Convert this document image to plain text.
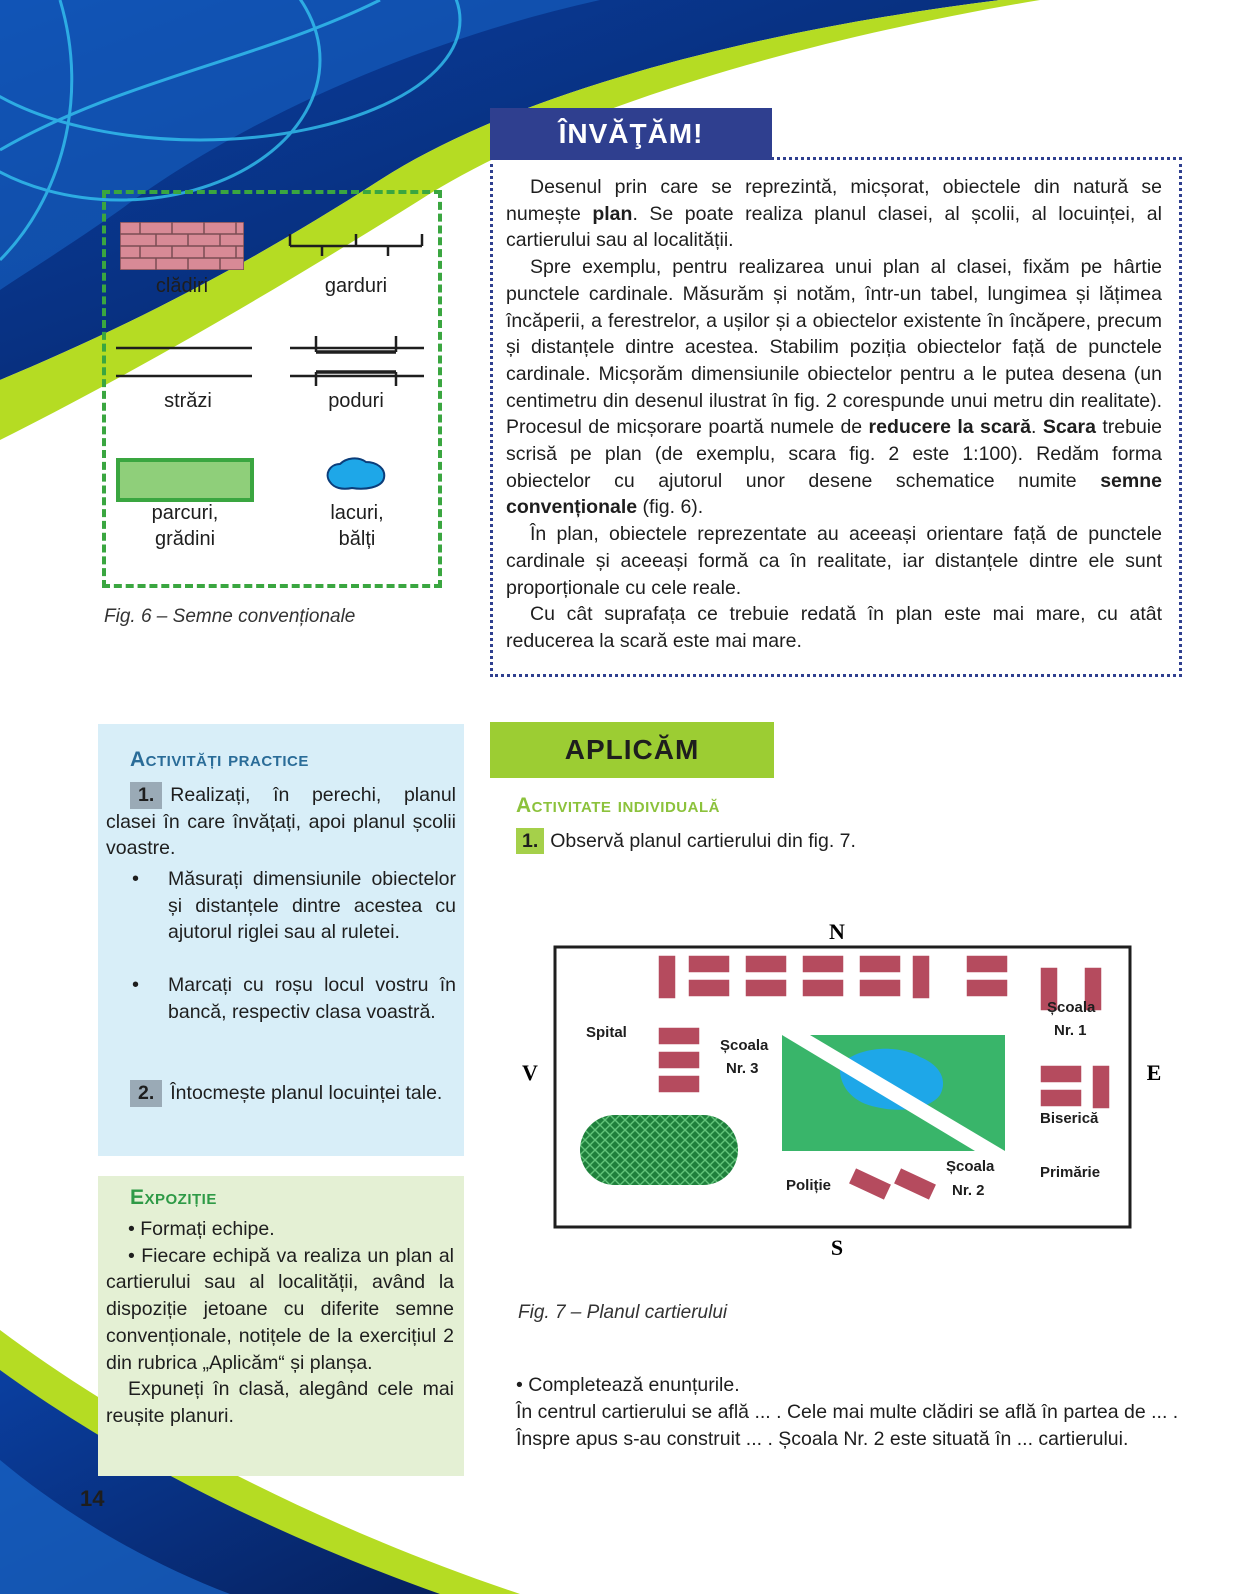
ÎNVĂŢĂM!

Desenul prin care se reprezintă, micșorat, obiectele din natură se numește plan. Se poate realiza planul clasei, al școlii, al locuinței, al cartierului sau al localității.

Spre exemplu, pentru realizarea unui plan al clasei, fixăm pe hârtie punctele cardinale. Măsurăm și notăm, într-un tabel, lungimea și lățimea încăperii, a ferestrelor, a ușilor și a obiectelor existente în încăpere, precum și distanțele dintre acestea. Stabilim poziția obiectelor față de punctele cardinale. Micșorăm dimensiunile obiectelor pentru a le putea desena (un centimetru din desenul ilustrat în fig. 2 corespunde unui metru din realitate). Procesul de micșorare poartă numele de reducere la scară. Scara trebuie scrisă pe plan (de exemplu, scara fig. 2 este 1:100). Redăm forma obiectelor cu ajutorul unor desene schematice numite semne convenționale (fig. 6).

În plan, obiectele reprezentate au aceeași orientare față de punctele cardinale și aceeași formă ca în realitate, iar distanțele dintre ele sunt proporționale cu cele reale.

Cu cât suprafața ce trebuie redată în plan este mai mare, cu atât reducerea la scară este mai mare.

clădiri	garduri
străzi	poduri
parcuri,
grădini
lacuri,
bălți
Fig. 6 – Semne convenționale
Activități practice
1. Realizați, în perechi, planul clasei în care învățați, apoi planul școlii voastre.
• Măsurați dimensiunile obiectelor și distanțele dintre acestea cu ajutorul riglei sau al ruletei.
• Marcați cu roșu locul vostru în bancă, respectiv clasa voastră.
2. Întocmește planul locuinței tale.
Expoziție

• Formați echipe.

• Fiecare echipă va realiza un plan al cartierului sau al localității, având la dispoziție jetoane cu diferite semne convenționale, notițele de la exercițiul 2 din rubrica „Aplicăm“ și planșa.

Expuneți în clasă, alegând cele mai reușite planuri.

APLICĂM
Activitate individuală
1. Observă planul cartierului din fig. 7.
N
S
V	E
Spital
Școala
Nr. 3
Școala
Nr. 1
Biserică
Primărie
Poliție
Școala
Nr. 2
Fig. 7 – Planul cartierului

• Completează enunțurile.

În centrul cartierului se află ... . Cele mai multe clădiri se află în partea de ... .

Înspre apus s-au construit ... . Școala Nr. 2 este situată în ... cartierului.

14
